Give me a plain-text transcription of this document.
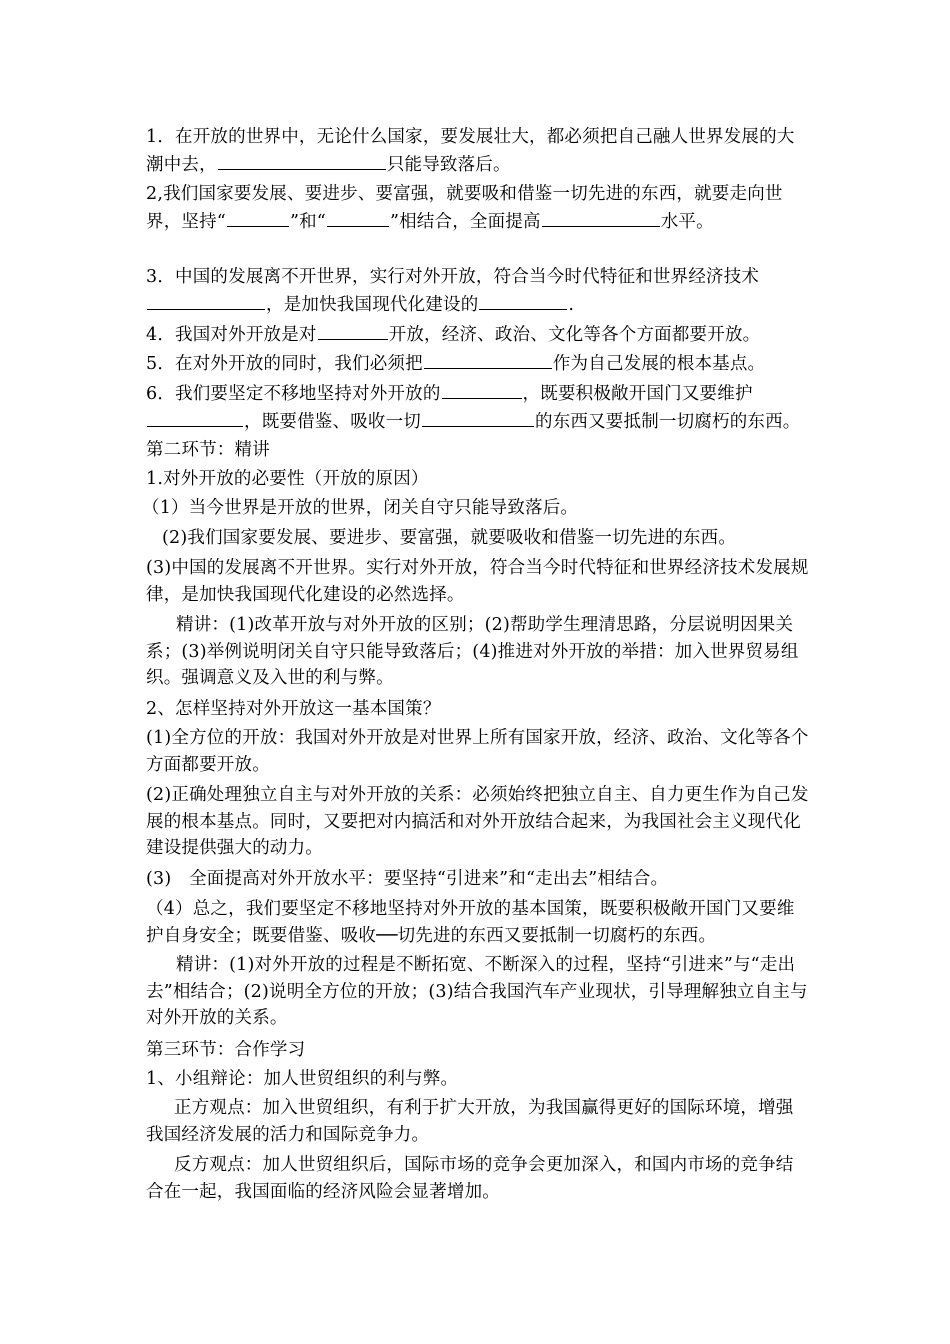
1．在开放的世界中，无论什么国家，要发展壮大，都必须把自己融人世界发展的大潮中去，	只能导致落后。
2,我们国家要发展、要进步、要富强，就要吸和借鉴一切先进的东西，就要走向世界，坚持“	”和“	”相结合，全面提高	水平。
3．中国的发展离不开世界，实行对外开放，符合当今时代特征和世界经济技术，是加快我国现代化建设的	.
4．我国对外开放是对	开放，经济、政治、文化等各个方面都要开放。
5．在对外开放的同时，我们必须把	作为自己发展的根本基点。
6．我们要坚定不移地坚持对外开放的	，既要积极敞开国门又要维护，既要借鉴、吸收一切	的东西又要抵制一切腐朽的东西。
第二环节：精讲
1.对外开放的必要性（开放的原因）
（1）当今世界是开放的世界，闭关自守只能导致落后。
(2)我们国家要发展、要进步、要富强，就要吸收和借鉴一切先进的东西。
(3)中国的发展离不开世界。实行对外开放，符合当今时代特征和世界经济技术发展规律，是加快我国现代化建设的必然选择。
精讲：(1)改革开放与对外开放的区别；(2)帮助学生理清思路，分层说明因果关系；(3)举例说明闭关自守只能导致落后；(4)推进对外开放的举措：加入世界贸易组织。强调意义及入世的利与弊。
2、怎样坚持对外开放这一基本国策？
(1)全方位的开放：我国对外开放是对世界上所有国家开放，经济、政治、文化等各个方面都要开放。
(2)正确处理独立自主与对外开放的关系：必须始终把独立自主、自力更生作为自己发展的根本基点。同时，又要把对内搞活和对外开放结合起来，为我国社会主义现代化建设提供强大的动力。
(3)　全面提高对外开放水平：要坚持“引进来”和“走出去”相结合。
（4）总之，我们要坚定不移地坚持对外开放的基本国策，既要积极敞开国门又要维护自身安全；既要借鉴、吸收──切先进的东西又要抵制一切腐朽的东西。
精讲：(1)对外开放的过程是不断拓宽、不断深入的过程，坚持“引进来”与“走出去”相结合；(2)说明全方位的开放；(3)结合我国汽车产业现状，引导理解独立自主与对外开放的关系。
第三环节：合作学习
1、小组辩论：加人世贸组织的利与弊。
正方观点：加入世贸组织，有利于扩大开放，为我国赢得更好的国际环境，增强我国经济发展的活力和国际竞争力。
反方观点：加人世贸组织后，国际市场的竞争会更加深入，和国内市场的竞争结合在一起，我国面临的经济风险会显著增加。
